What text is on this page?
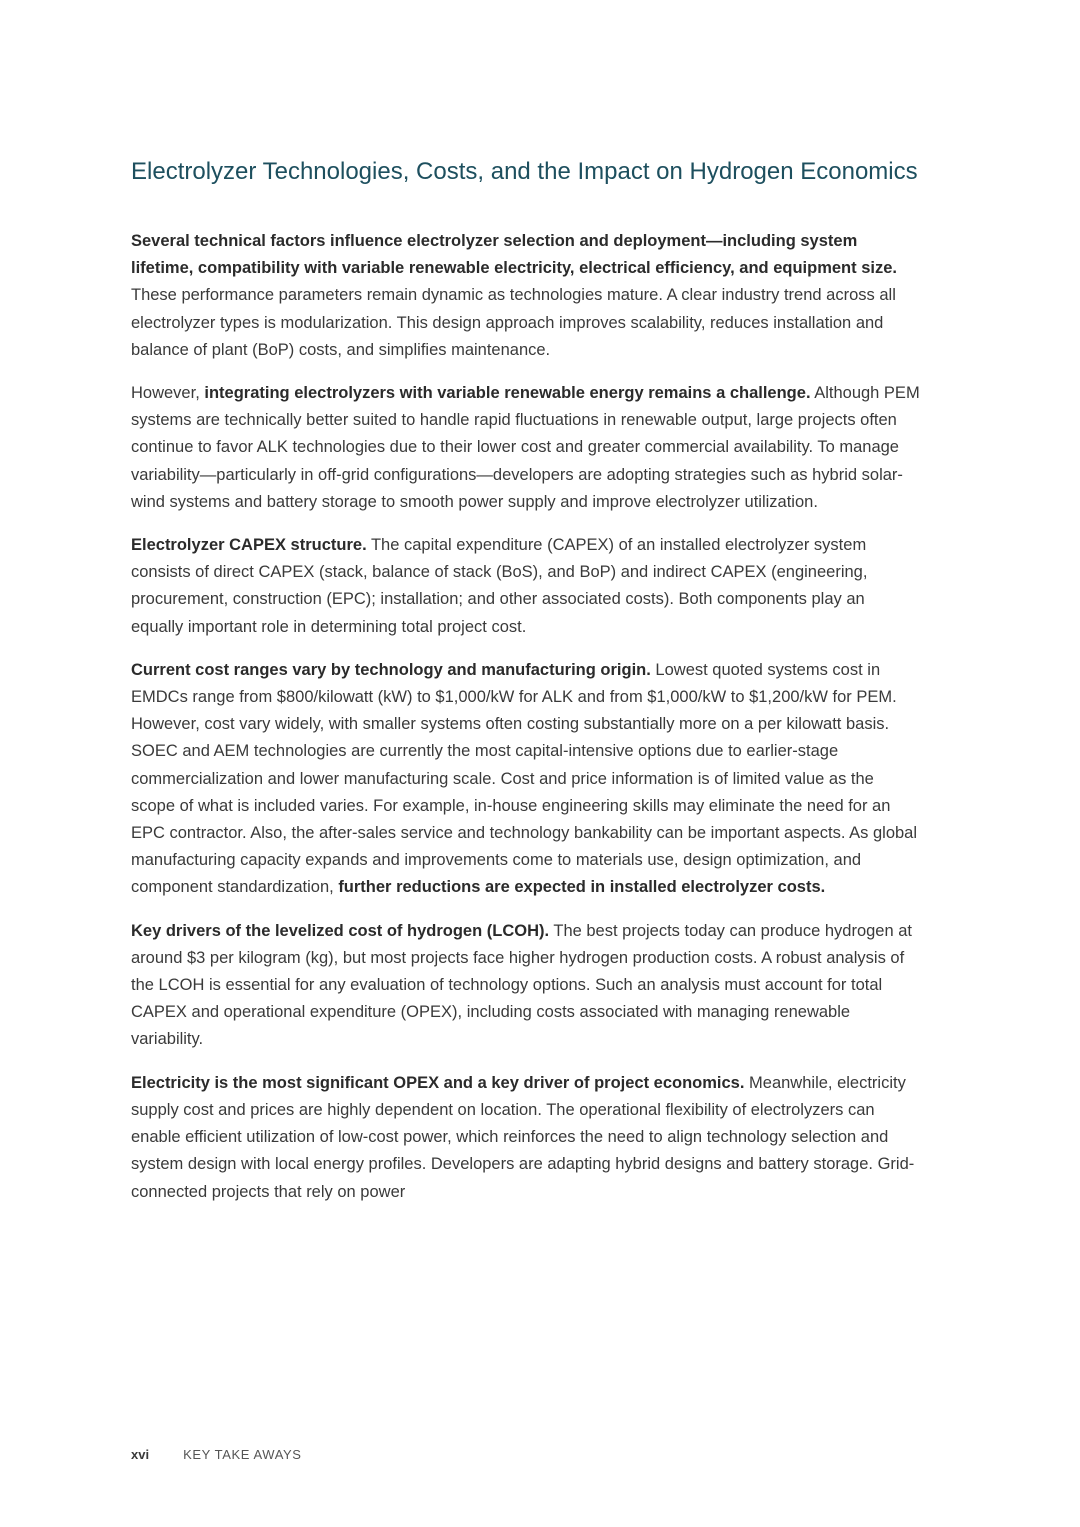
Electrolyzer Technologies, Costs, and the Impact on Hydrogen Economics

Several technical factors influence electrolyzer selection and deployment—including system lifetime, compatibility with variable renewable electricity, electrical efficiency, and equipment size. These performance parameters remain dynamic as technologies mature. A clear industry trend across all electrolyzer types is modularization. This design approach improves scalability, reduces installation and balance of plant (BoP) costs, and simplifies maintenance.

However, integrating electrolyzers with variable renewable energy remains a challenge. Although PEM systems are technically better suited to handle rapid fluctuations in renewable output, large projects often continue to favor ALK technologies due to their lower cost and greater commercial availability. To manage variability—particularly in off-grid configurations—developers are adopting strategies such as hybrid solar-wind systems and battery storage to smooth power supply and improve electrolyzer utilization.

Electrolyzer CAPEX structure. The capital expenditure (CAPEX) of an installed electrolyzer system consists of direct CAPEX (stack, balance of stack (BoS), and BoP) and indirect CAPEX (engineering, procurement, construction (EPC); installation; and other associated costs). Both components play an equally important role in determining total project cost.

Current cost ranges vary by technology and manufacturing origin. Lowest quoted systems cost in EMDCs range from $800/kilowatt (kW) to $1,000/kW for ALK and from $1,000/kW to $1,200/kW for PEM. However, cost vary widely, with smaller systems often costing substantially more on a per kilowatt basis. SOEC and AEM technologies are currently the most capital-intensive options due to earlier-stage commercialization and lower manufacturing scale. Cost and price information is of limited value as the scope of what is included varies. For example, in-house engineering skills may eliminate the need for an EPC contractor. Also, the after-sales service and technology bankability can be important aspects. As global manufacturing capacity expands and improvements come to materials use, design optimization, and component standardization, further reductions are expected in installed electrolyzer costs.

Key drivers of the levelized cost of hydrogen (LCOH). The best projects today can produce hydrogen at around $3 per kilogram (kg), but most projects face higher hydrogen production costs. A robust analysis of the LCOH is essential for any evaluation of technology options. Such an analysis must account for total CAPEX and operational expenditure (OPEX), including costs associated with managing renewable variability.

Electricity is the most significant OPEX and a key driver of project economics. Meanwhile, electricity supply cost and prices are highly dependent on location. The operational flexibility of electrolyzers can enable efficient utilization of low-cost power, which reinforces the need to align technology selection and system design with local energy profiles. Developers are adapting hybrid designs and battery storage. Grid-connected projects that rely on power

xvi	KEY TAKE AWAYS
